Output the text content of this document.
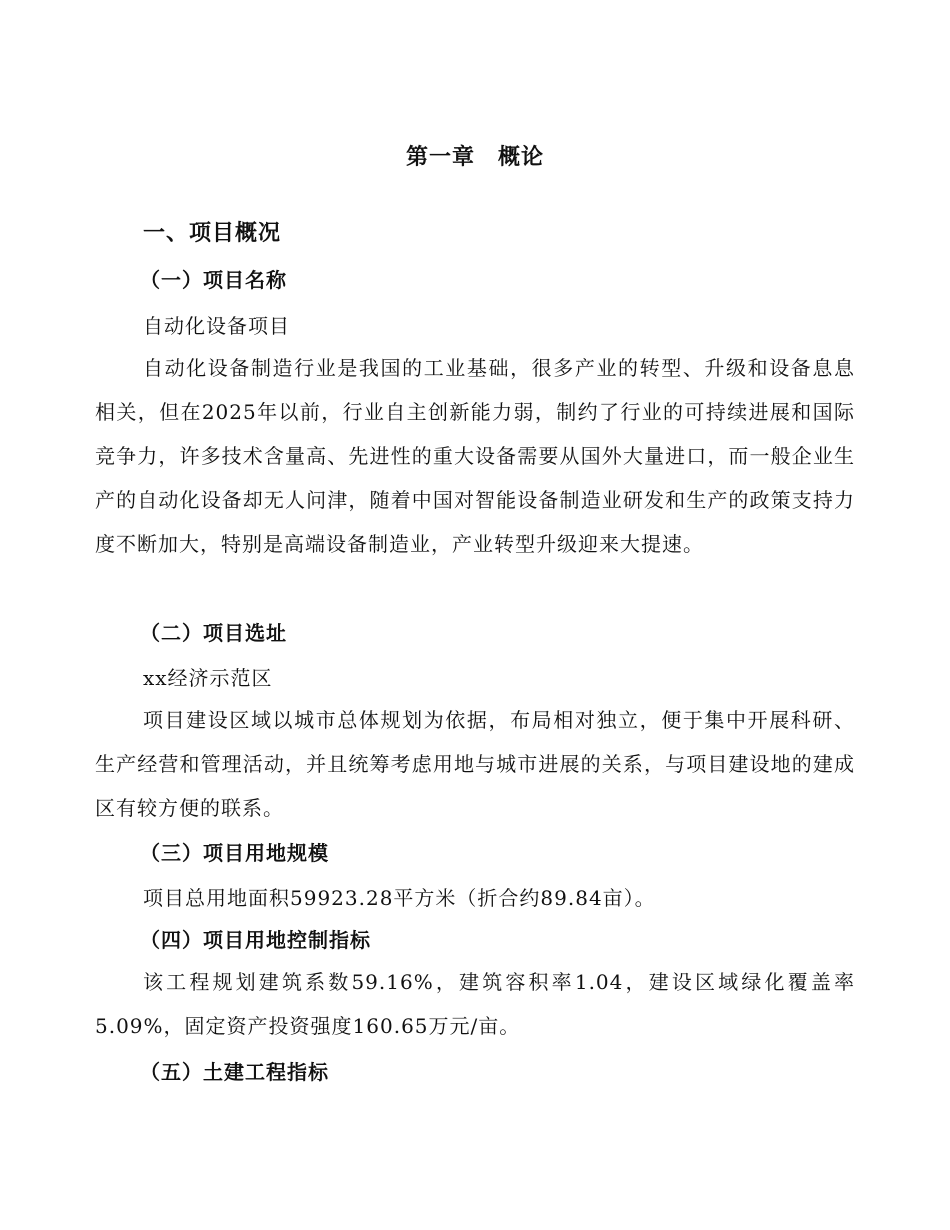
第一章　概论
一、项目概况
（一）项目名称
自动化设备项目
自动化设备制造行业是我国的工业基础，很多产业的转型、升级和设备息息相关，但在2025年以前，行业自主创新能力弱，制约了行业的可持续进展和国际竞争力，许多技术含量高、先进性的重大设备需要从国外大量进口，而一般企业生产的自动化设备却无人问津，随着中国对智能设备制造业研发和生产的政策支持力度不断加大，特别是高端设备制造业，产业转型升级迎来大提速。
（二）项目选址
xx经济示范区
项目建设区域以城市总体规划为依据，布局相对独立，便于集中开展科研、生产经营和管理活动，并且统筹考虑用地与城市进展的关系，与项目建设地的建成区有较方便的联系。
（三）项目用地规模
项目总用地面积59923.28平方米（折合约89.84亩）。
（四）项目用地控制指标
该工程规划建筑系数59.16%，建筑容积率1.04，建设区域绿化覆盖率5.09%，固定资产投资强度160.65万元/亩。
（五）土建工程指标
